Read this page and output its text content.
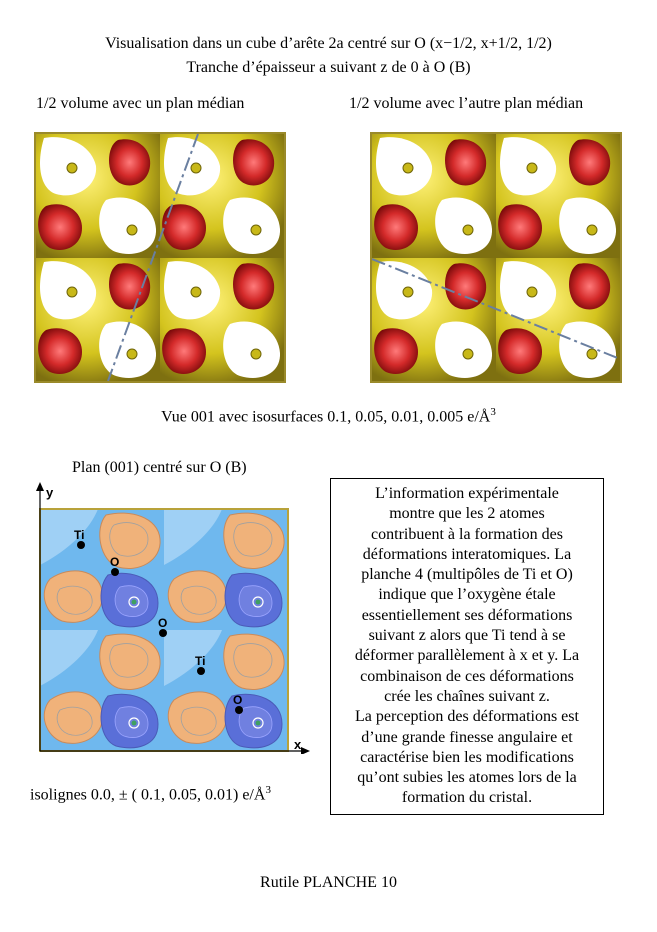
Visualisation dans un cube d’arête 2a centré sur O (x−1/2, x+1/2, 1/2)
Tranche d’épaisseur a suivant z de 0 à O (B)
1/2 volume avec un plan médian	1/2 volume avec l’autre plan médian
Vue 001 avec isosurfaces 0.1, 0.05, 0.01, 0.005 $e/Å^3$
Plan (001) centré sur O (B)
y
x
Ti
O
O
Ti
O
isolignes 0.0, ± ( 0.1, 0.05, 0.01) $e/Å^3$
L’information expérimentale
montre que les 2 atomes
contribuent à la formation des
déformations interatomiques. La
planche 4 (multipôles de Ti et O)
indique que l’oxygène étale
essentiellement ses déformations
suivant z alors que Ti tend à se
déformer parallèlement à x et y. La
combinaison de ces déformations
crée les chaînes suivant z.
La perception des déformations est
d’une grande finesse angulaire et
caractérise bien les modifications
qu’ont subies les atomes lors de la
formation du cristal.
Rutile PLANCHE 10
